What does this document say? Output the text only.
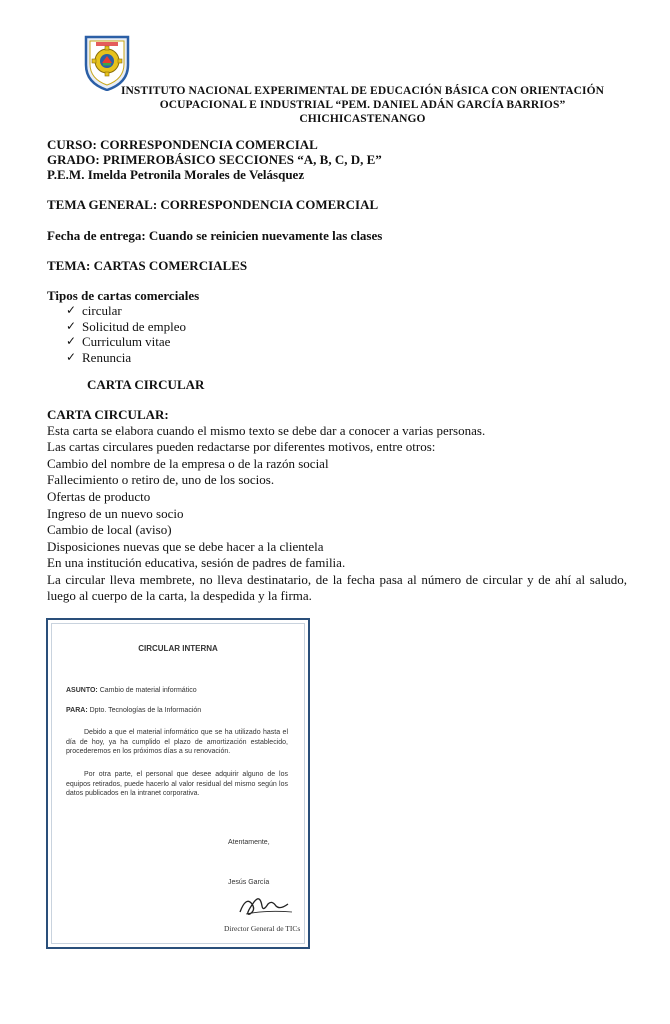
INSTITUTO NACIONAL EXPERIMENTAL DE EDUCACIÓN BÁSICA CON ORIENTACIÓN
OCUPACIONAL E INDUSTRIAL “PEM. DANIEL ADÁN GARCÍA BARRIOS”
CHICHICASTENANGO
CURSO: CORRESPONDENCIA COMERCIAL
GRADO: PRIMEROBÁSICO SECCIONES “A, B, C, D, E”
P.E.M. Imelda Petronila Morales de Velásquez
TEMA GENERAL: CORRESPONDENCIA COMERCIAL
Fecha de entrega: Cuando se reinicien nuevamente las clases
TEMA: CARTAS COMERCIALES
Tipos de cartas comerciales
✓ circular
✓ Solicitud de empleo
✓ Curriculum vitae
✓ Renuncia
CARTA CIRCULAR
CARTA CIRCULAR:
Esta carta se elabora cuando el mismo texto se debe dar a conocer a varias personas.
Las cartas circulares pueden redactarse por diferentes motivos, entre otros:
Cambio del nombre de la empresa o de la razón social
Fallecimiento o retiro de, uno de los socios.
Ofertas de producto
Ingreso de un nuevo socio
Cambio de local (aviso)
Disposiciones nuevas que se debe hacer a la clientela
En una institución educativa, sesión de padres de familia.
La circular lleva membrete, no lleva destinatario, de la fecha pasa al número de circular y de ahí al saludo, luego al cuerpo de la carta, la despedida y la firma.
CIRCULAR INTERNA
ASUNTO: Cambio de material informático
PARA: Dpto. Tecnologías de la Información
Debido a que el material informático que se ha utilizado hasta el día de hoy, ya ha cumplido el plazo de amortización establecido, procederemos en los próximos días a su renovación.
Por otra parte, el personal que desee adquirir alguno de los equipos retirados, puede hacerlo al valor residual del mismo según los datos publicados en la intranet corporativa.
Atentamente,
Jesús García
Director General de TICs
